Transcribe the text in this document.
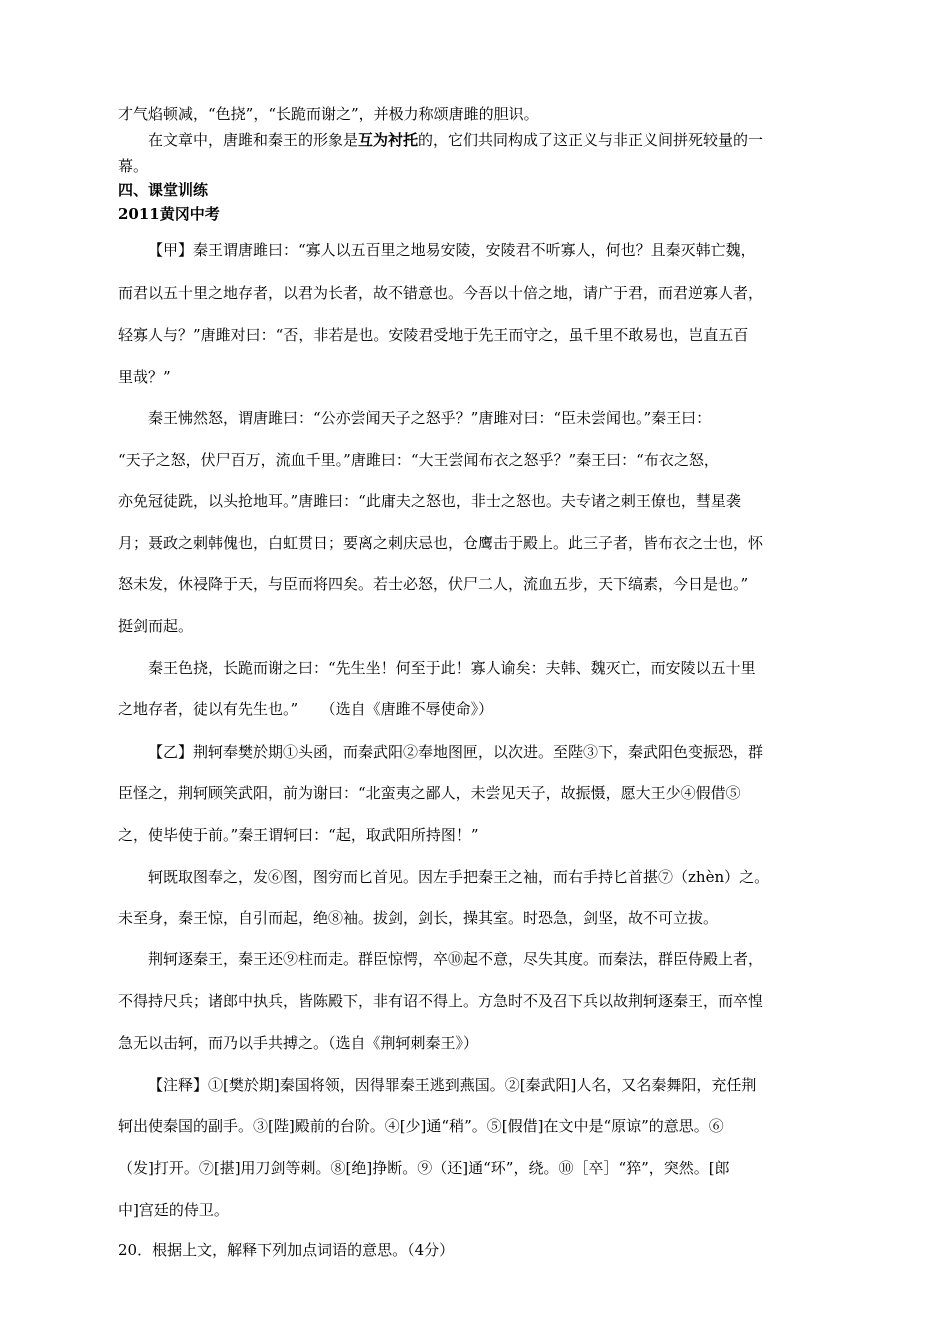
才气焰顿减，“色挠”，“长跪而谢之”，并极力称颂唐雎的胆识。
在文章中，唐雎和秦王的形象是互为衬托的，它们共同构成了这正义与非正义间拼死较量的一
幕。
四、课堂训练
2011黄冈中考
【甲】秦王谓唐雎曰：“寡人以五百里之地易安陵，安陵君不听寡人，何也？且秦灭韩亡魏，
而君以五十里之地存者，以君为长者，故不错意也。今吾以十倍之地，请广于君，而君逆寡人者，
轻寡人与？”唐雎对曰：“否，非若是也。安陵君受地于先王而守之，虽千里不敢易也，岂直五百
里哉？”
秦王怫然怒，谓唐雎曰：“公亦尝闻天子之怒乎？”唐雎对曰：“臣未尝闻也。”秦王曰：
“天子之怒，伏尸百万，流血千里。”唐雎曰：“大王尝闻布衣之怒乎？”秦王曰：“布衣之怒，
亦免冠徒跣，以头抢地耳。”唐雎曰：“此庸夫之怒也，非士之怒也。夫专诸之刺王僚也，彗星袭
月；聂政之刺韩傀也，白虹贯日；要离之刺庆忌也，仓鹰击于殿上。此三子者，皆布衣之士也，怀
怒未发，休祲降于天，与臣而将四矣。若士必怒，伏尸二人，流血五步，天下缟素，今日是也。”
挺剑而起。
秦王色挠，长跪而谢之曰：“先生坐！何至于此！寡人谕矣：夫韩、魏灭亡，而安陵以五十里
之地存者，徒以有先生也。”　　（选自《唐雎不辱使命》）
【乙】荆轲奉樊於期①头函，而秦武阳②奉地图匣，以次进。至陛③下，秦武阳色变振恐，群
臣怪之，荆轲顾笑武阳，前为谢曰：“北蛮夷之鄙人，未尝见天子，故振慑，愿大王少④假借⑤
之，使毕使于前。”秦王谓轲曰：“起，取武阳所持图！”
轲既取图奉之，发⑥图，图穷而匕首见。因左手把秦王之袖，而右手持匕首揕⑦（zhèn）之。
未至身，秦王惊，自引而起，绝⑧袖。拔剑，剑长，操其室。时恐急，剑坚，故不可立拔。
荆轲逐秦王，秦王还⑨柱而走。群臣惊愕，卒⑩起不意，尽失其度。而秦法，群臣侍殿上者，
不得持尺兵；诸郎中执兵，皆陈殿下，非有诏不得上。方急时不及召下兵以故荆轲逐秦王，而卒惶
急无以击轲，而乃以手共搏之。（选自《荆轲刺秦王》）
【注释】①[樊於期]秦国将领，因得罪秦王逃到燕国。②[秦武阳]人名，又名秦舞阳，充任荆
轲出使秦国的副手。③[陛]殿前的台阶。④[少]通“稍”。⑤[假借]在文中是“原谅”的意思。⑥
（发]打开。⑦[揕]用刀剑等刺。⑧[绝]挣断。⑨（还]通“环”，绕。⑩［卒］“猝”，突然。[郎
中]宫廷的侍卫。
20．根据上文，解释下列加点词语的意思。（4分）
